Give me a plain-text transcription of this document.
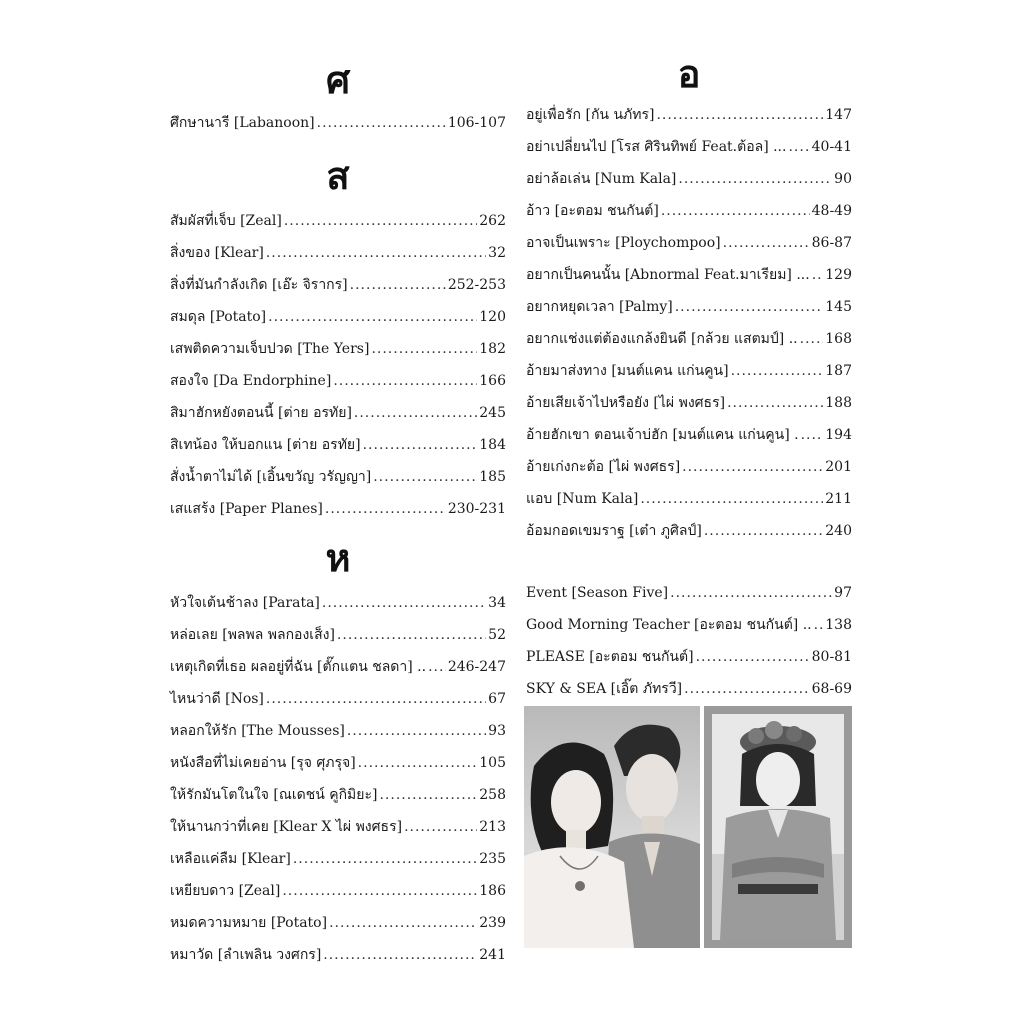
ศ
ศึกษานารี [Labanoon] .....	106-107
ส
สัมผัสที่เจ็บ [Zeal] .....	262
สิ่งของ [Klear] .....	32
สิ่งที่มันกำลังเกิด [เอ๊ะ จิรากร] .....	252-253
สมดุล [Potato] .....	120
เสพติดความเจ็บปวด [The Yers] .....	182
สองใจ [Da Endorphine] .....	166
สิมาฮักหยังตอนนี้ [ต่าย อรทัย] .....	245
สิเทน้อง ให้บอกแน [ต่าย อรทัย] .....	184
สั่งน้ำตาไม่ได้ [เอิ้นขวัญ วรัญญา] .....	185
เสแสร้ง [Paper Planes] .....	230-231
ห
หัวใจเต้นช้าลง [Parata] .....	34
หล่อเลย [พลพล พลกองเส็ง] .....	52
เหตุเกิดที่เธอ ผลอยู่ที่ฉัน [ตั๊กแตน ชลดา] .. ..... 246-247
ไหนว่าดี [Nos] .....	67
หลอกให้รัก [The Mousses] .....	93
หนังสือที่ไม่เคยอ่าน [รุจ ศุภรุจ] .....	105
ให้รักมันโตในใจ [ณเดชน์ คูกิมิยะ] .....	258
ให้นานกว่าที่เคย [Klear X ไผ่ พงศธร] .....	213
เหลือแค่ลืม [Klear] .....	235
เหยียบดาว [Zeal] .....	186
หมดความหมาย [Potato] .....	239
หมาวัด [ลำเพลิน วงศกร] .....	241
อ
อยู่เพื่อรัก [กัน นภัทร] .....	147
อย่าเปลี่ยนไป [โรส ศิรินทิพย์ Feat.ต้อล] ... ..... 40-41
อย่าล้อเล่น [Num Kala] .....	90
อ้าว [อะตอม ชนกันต์] .....	48-49
อาจเป็นเพราะ [Ploychompoo] .....	86-87
อยากเป็นคนนั้น [Abnormal Feat.มาเรียม] ... ..... 129
อยากหยุดเวลา [Palmy] .....	145
อยากแช่งแต่ต้องแกล้งยินดี [กล้วย แสตมป์] .. ..... 168
อ้ายมาส่งทาง [มนต์แคน แก่นคูน] .....	187
อ้ายเสียเจ้าไปหรือยัง [ไผ่ พงศธร] .....	188
อ้ายฮักเขา ตอนเจ้าบ่ฮัก [มนต์แคน แก่นคูน] . ..... 194
อ้ายเก่งกะต้อ [ไผ่ พงศธร] .....	201
แอบ [Num Kala] .....	211
อ้อมกอดเขมราฐ [เต๋า ภูศิลป์] .....	240
Event [Season Five] .....	97
Good Morning Teacher [อะตอม ชนกันต์] .. ..... 138
PLEASE [อะตอม ชนกันต์] .....	80-81
SKY & SEA [เอิ๊ต ภัทรวี] .....	68-69
